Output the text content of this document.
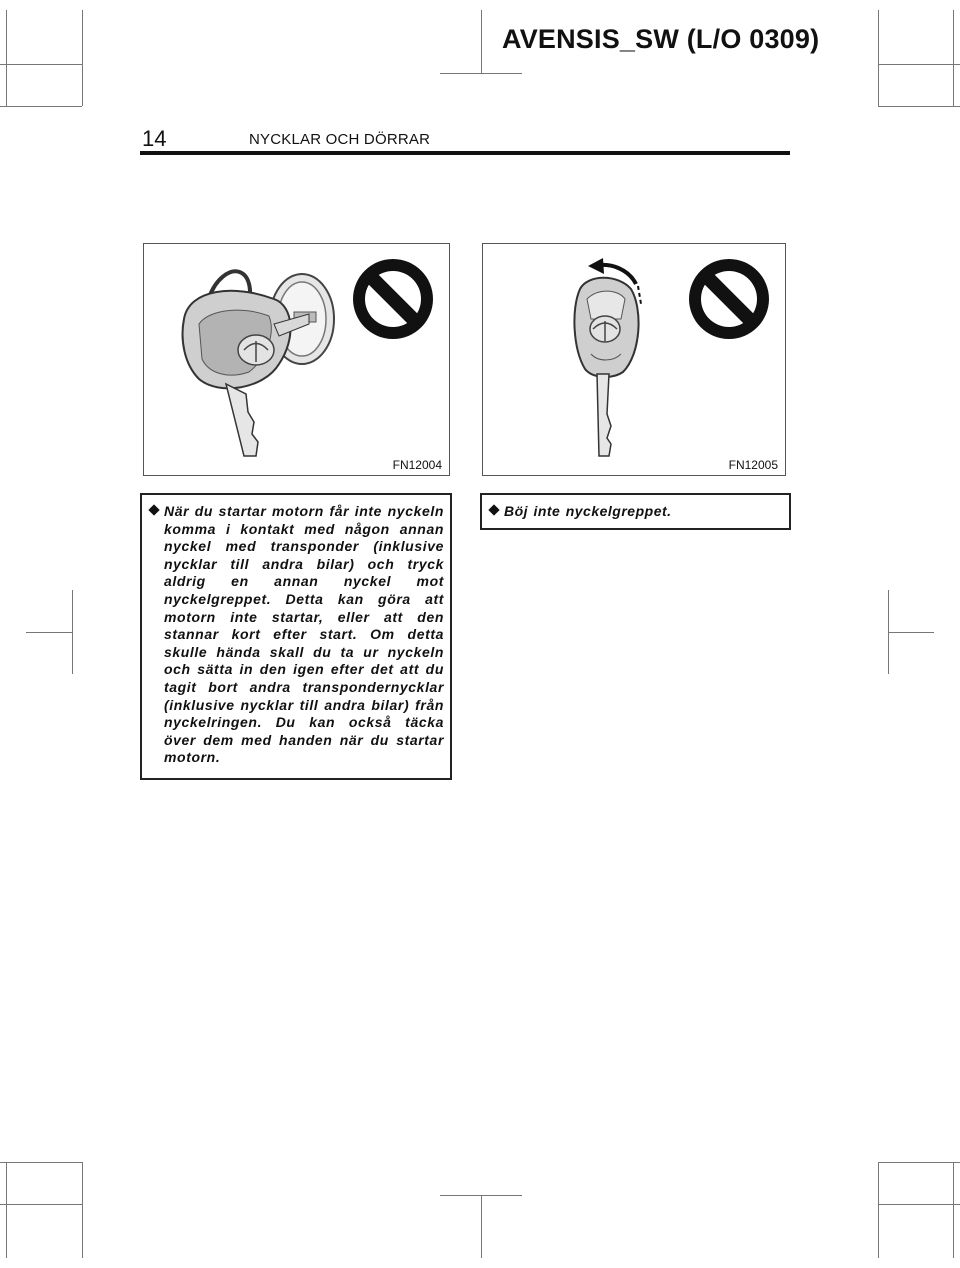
AVENSIS_SW (L/O 0309)
14	NYCKLAR OCH DÖRRAR
FN12004	FN12005
När du startar motorn får inte nyckeln komma i kontakt med någon annan nyckel med transponder (inklusive nycklar till andra bilar) och tryck aldrig en annan nyckel mot nyckelgreppet. Detta kan göra att motorn inte startar, eller att den stannar kort efter start. Om detta skulle hända skall du ta ur nyckeln och sätta in den igen efter det att du tagit bort andra transpondernycklar (inklusive nycklar till andra bilar) från nyckelringen. Du kan också täcka över dem med handen när du startar motorn.
Böj inte nyckelgreppet.
